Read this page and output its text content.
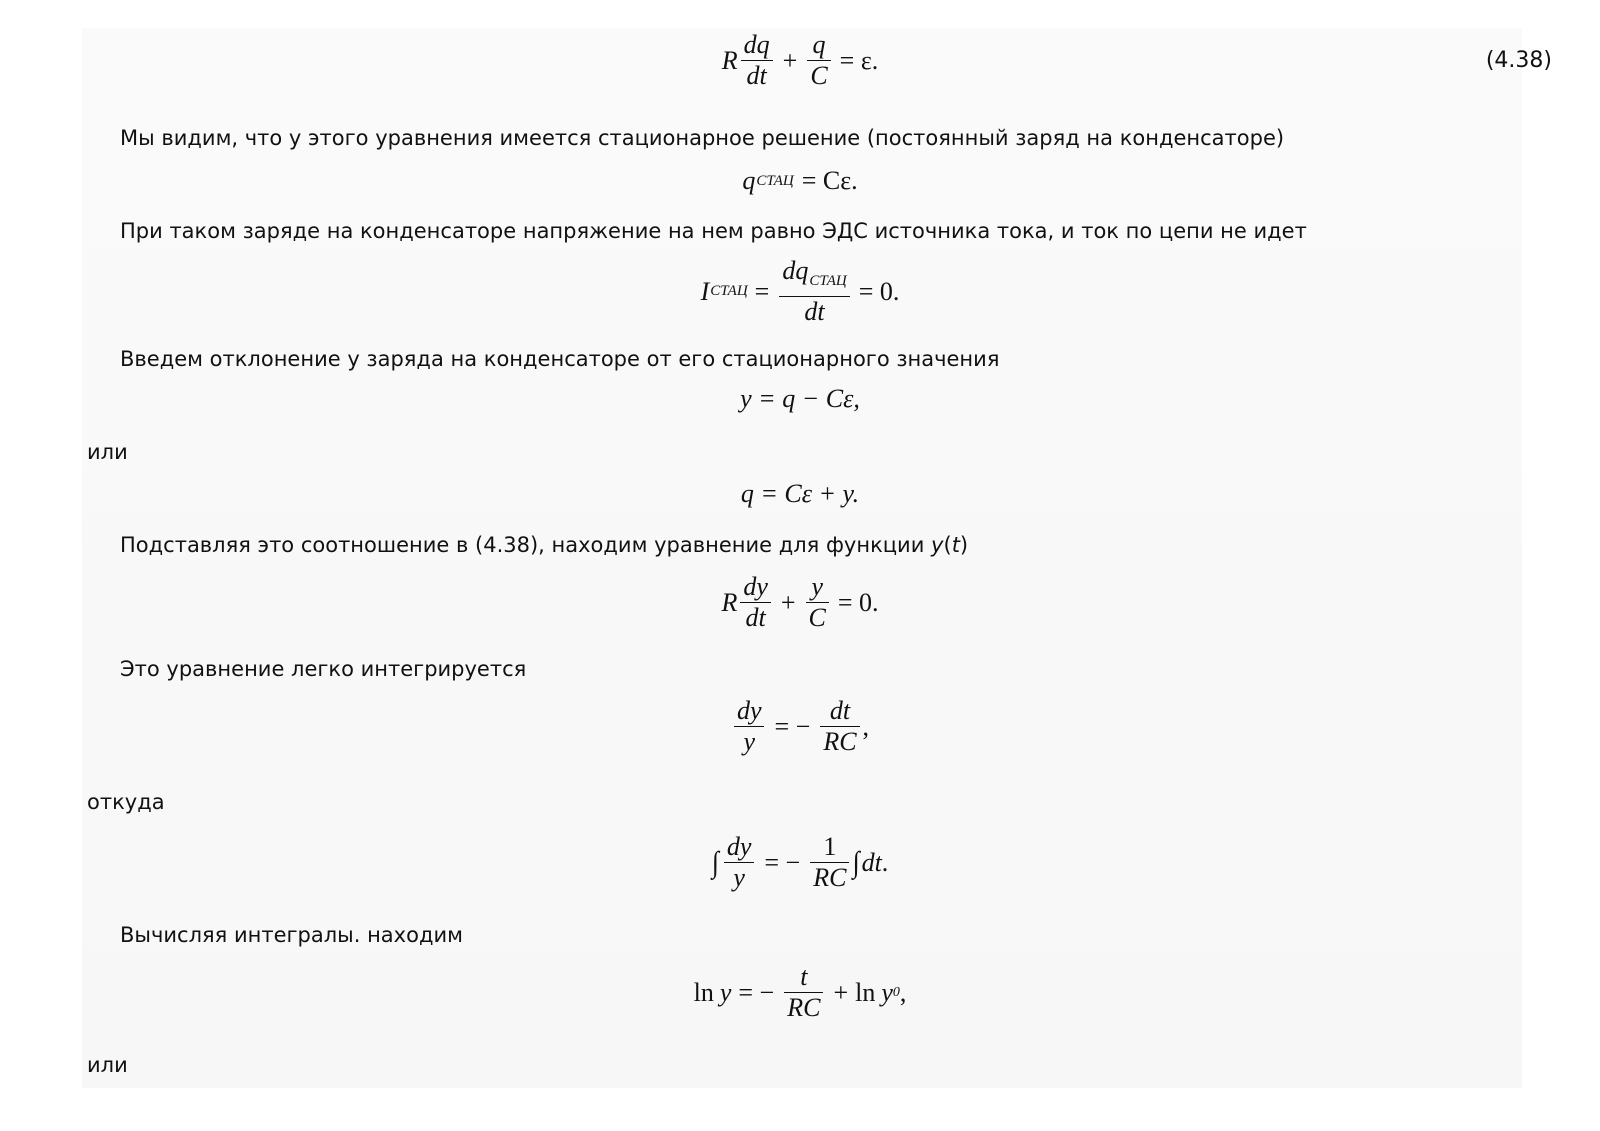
R $\frac{dq}{dt} + \frac{q}{C} = \varepsilon$.	(4.38)
Мы видим, что у этого уравнения имеется стационарное решение (постоянный заряд на конденсаторе)
q СТАЦ = Cε.
При таком заряде на конденсаторе напряжение на нем равно ЭДС источника тока, и ток по цепи не идет
I СТАЦ = $\frac{dq_{СТАЦ}}{dt} = 0$.
Введем отклонение y заряда на конденсаторе от его стационарного значения
y = q − Cε,
или
q = Cε + y.
Подставляя это соотношение в (4.38), находим уравнение для функции y(t)
R $\frac{dy}{dt} + \frac{y}{C} = 0$.
Это уравнение легко интегрируется
$\frac{dy}{y}$ = − $\frac{dt}{RC}$ ,
откуда
∫ $\frac{dy}{y}$ = − $\frac{1}{RC}$ ∫ dt .
Вычисляя интегралы. находим
ln y = − $\frac{t}{RC} + \ln y$ 0 ,
или
